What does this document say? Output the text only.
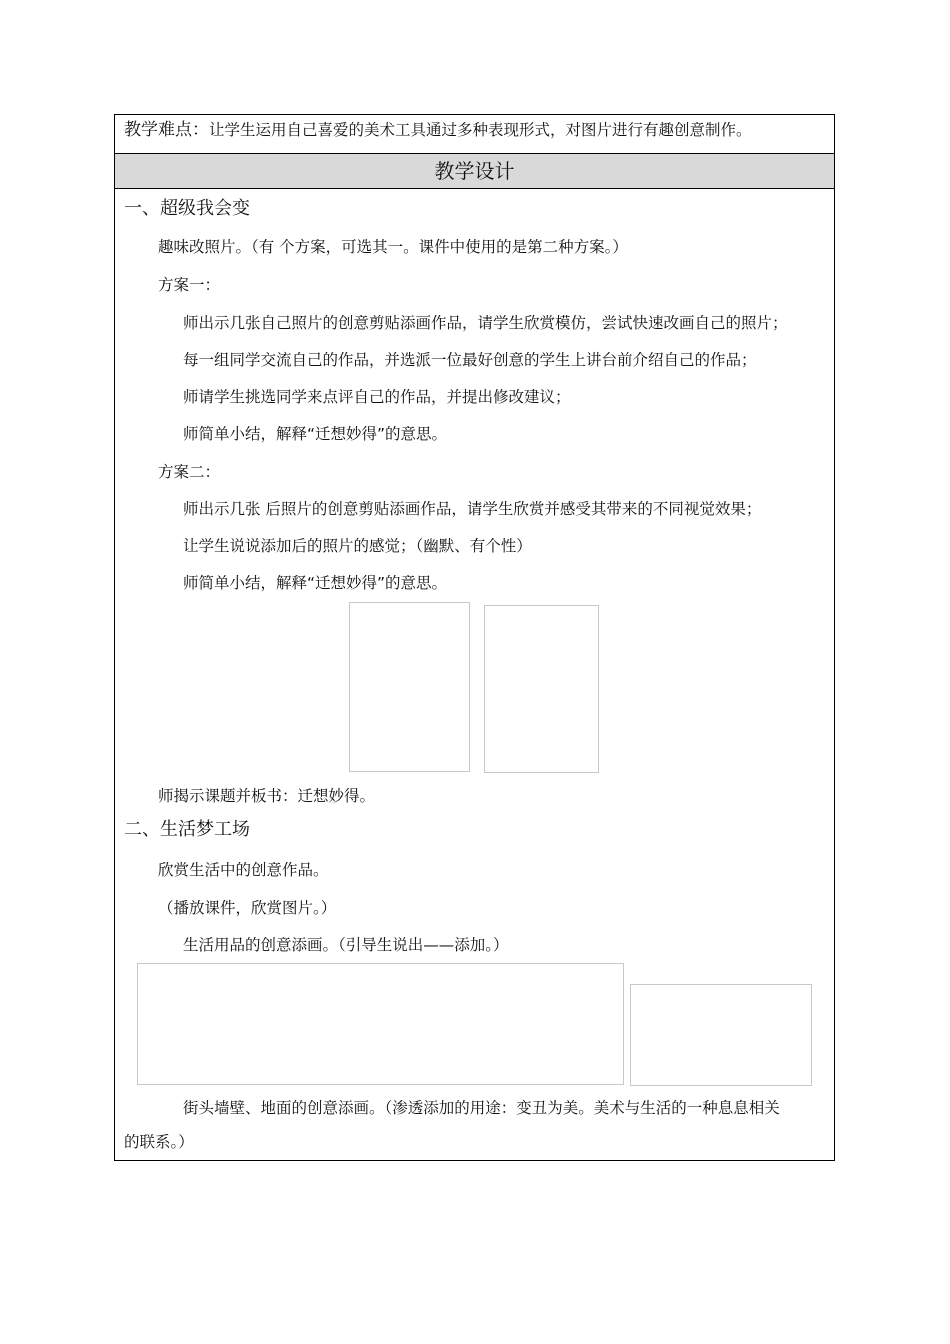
教学难点：让学生运用自己喜爱的美术工具通过多种表现形式，对图片进行有趣创意制作。
教学设计
一、超级我会变
趣味改照片。（有 个方案，可选其一。课件中使用的是第二种方案。）
方案一：
师出示几张自己照片的创意剪贴添画作品，请学生欣赏模仿，尝试快速改画自己的照片；
每一组同学交流自己的作品，并选派一位最好创意的学生上讲台前介绍自己的作品；
师请学生挑选同学来点评自己的作品，并提出修改建议；
师简单小结，解释“迁想妙得”的意思。
方案二：
师出示几张 后照片的创意剪贴添画作品，请学生欣赏并感受其带来的不同视觉效果；
让学生说说添加后的照片的感觉；（幽默、有个性）
师简单小结，解释“迁想妙得”的意思。
师揭示课题并板书：迁想妙得。
二、生活梦工场
欣赏生活中的创意作品。
（播放课件，欣赏图片。）
生活用品的创意添画。（引导生说出——添加。）
街头墙壁、地面的创意添画。（渗透添加的用途：变丑为美。美术与生活的一种息息相关
的联系。）
